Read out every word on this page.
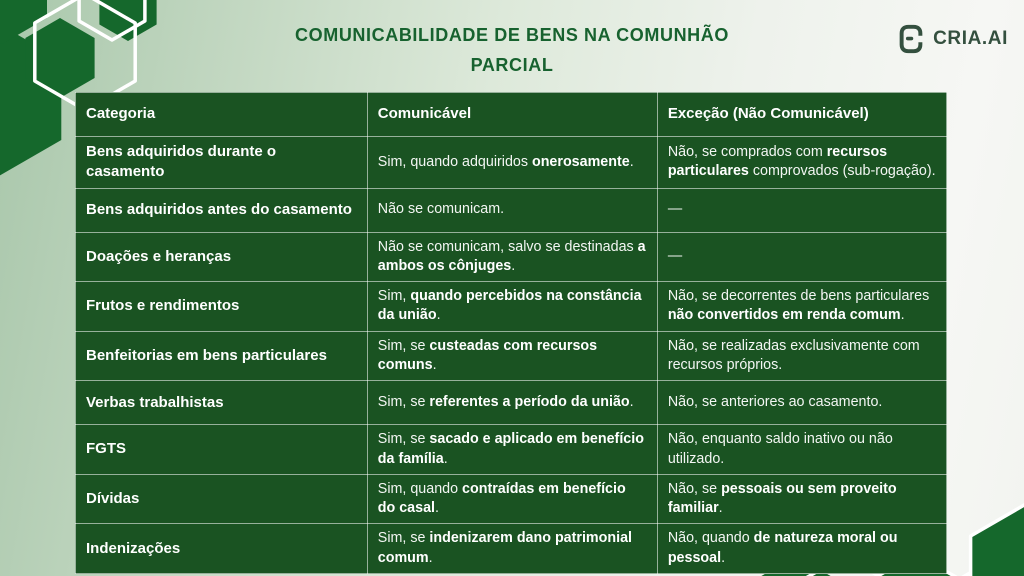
COMUNICABILIDADE DE BENS NA COMUNHÃO PARCIAL
CRIA.AI
Categoria	Comunicável	Exceção (Não Comunicável)
Bens adquiridos durante o casamento	Sim, quando adquiridos onerosamente.	Não, se comprados com recursos particulares comprovados (sub-rogação).
Bens adquiridos antes do casamento	Não se comunicam.	—
Doações e heranças	Não se comunicam, salvo se destinadas a ambos os cônjuges.	—
Frutos e rendimentos	Sim, quando percebidos na constância da união.	Não, se decorrentes de bens particulares não convertidos em renda comum.
Benfeitorias em bens particulares	Sim, se custeadas com recursos comuns.	Não, se realizadas exclusivamente com recursos próprios.
Verbas trabalhistas	Sim, se referentes a período da união.	Não, se anteriores ao casamento.
FGTS	Sim, se sacado e aplicado em benefício da família.	Não, enquanto saldo inativo ou não utilizado.
Dívidas	Sim, quando contraídas em benefício do casal.	Não, se pessoais ou sem proveito familiar.
Indenizações	Sim, se indenizarem dano patrimonial comum.	Não, quando de natureza moral ou pessoal.
